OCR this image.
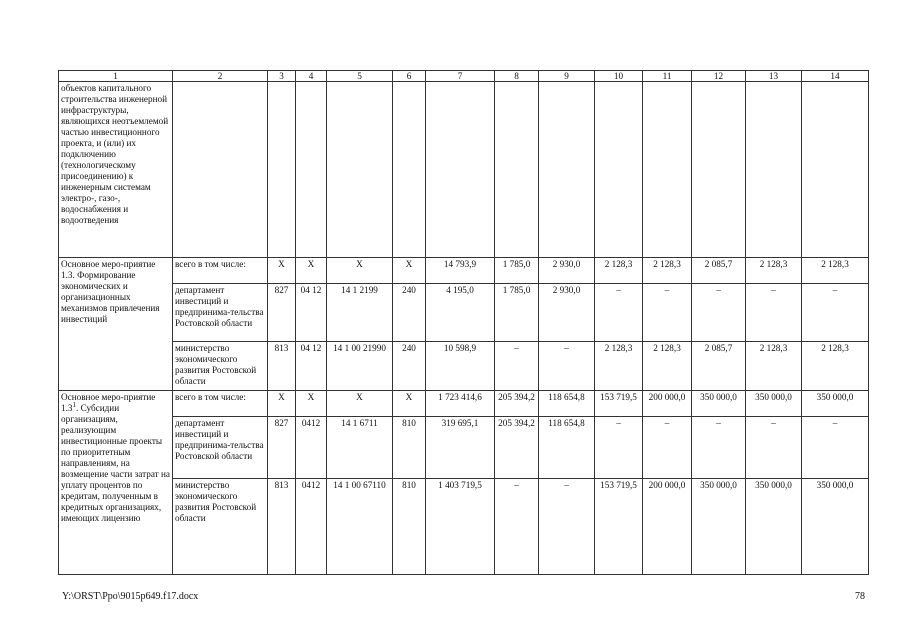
1	2	3	4	5	6	7	8	9	10	11	12	13	14
объектов капитального строительства инженерной инфраструктуры, являющихся неотъемлемой частью инвестиционного проекта, и (или) их подключению (технологическому присоединению) к инженерным системам электро-, газо-, водоснабжения и водоотведения													
Основное меро-приятие 1.3. Формирование экономических и организационных механизмов привлечения инвестиций	всего в том числе:	Х	Х	Х	Х	14 793,9	1 785,0	2 930,0	2 128,3	2 128,3	2 085,7	2 128,3	2 128,3
	департамент инвестиций и предпринима-тельства Ростовской области	827	04 12	14 1 2199	240	4 195,0	1 785,0	2 930,0	–	–	–	–	–
	министерство экономического развития Ростовской области	813	04 12	14 1 00 21990	240	10 598,9	–	–	2 128,3	2 128,3	2 085,7	2 128,3	2 128,3
Основное меро-приятие $1.3^1$. Субсидии организациям, реализующим инвестиционные проекты по приоритетным направлениям, на возмещение части затрат на уплату процентов по кредитам, полученным в кредитных организациях, имеющих лицензию	всего в том числе:	Х	Х	Х	Х	1 723 414,6	205 394,2	118 654,8	153 719,5	200 000,0	350 000,0	350 000,0	350 000,0
	департамент инвестиций и предпринима-тельства Ростовской области	827	0412	14 1 6711	810	319 695,1	205 394,2	118 654,8	–	–	–	–	–
	министерство экономического развития Ростовской области	813	0412	14 1 00 67110	810	1 403 719,5	–	–	153 719,5	200 000,0	350 000,0	350 000,0	350 000,0
Y:\ORST\Ppo\9015p649.f17.docx	78
